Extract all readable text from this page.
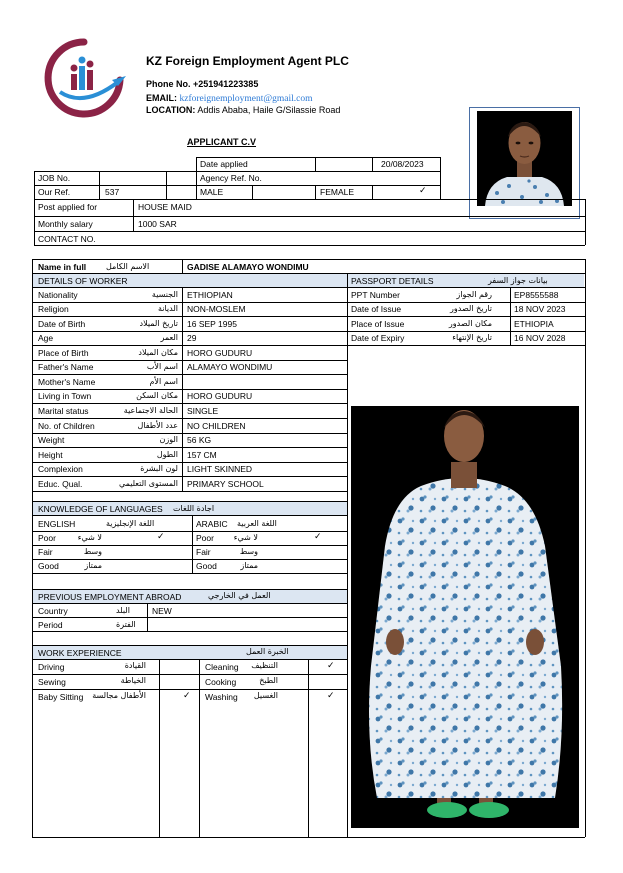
KZ Foreign Employment Agent PLC
Phone No. +251941223385
EMAIL: kzforeignemployment@gmail.com
LOCATION: Addis Ababa, Haile G/Silassie Road
APPLICANT C.V
Date applied	20/08/2023
JOB No.	Agency Ref. No.
Our Ref.	537	MALE	FEMALE	✓
Post applied for	HOUSE MAID
Monthly salary	1000 SAR
CONTACT NO.
Name in full الاسم الكامل	GADISE ALAMAYO WONDIMU
DETAILS OF WORKER	PASSPORT DETAILS	بيانات جواز السفر
Nationality	الجنسية ETHIOPIAN
Religion	الديانة NON-MOSLEM
Date of Birth	تاريخ الميلاد 16 SEP 1995
Age	العمر 29
Place of Birth	مكان الميلاد HORO GUDURU
Father's Name	اسم الأب ALAMAYO WONDIMU
Mother's Name	اسم الأم
Living in Town	مكان السكن HORO GUDURU
Marital status	الحالة الاجتماعية SINGLE
No. of Children	عدد الأطفال NO CHILDREN
Weight	الوزن 56 KG
Height	الطول 157 CM
Complexion	لون البشرة LIGHT SKINNED
Educ. Qual.	المستوى التعليمي PRIMARY SCHOOL
PPT Number	رقم الجواز	EP8555588
Date of Issue	تاريخ الصدور	18 NOV 2023
Place of Issue	مكان الصدور	ETHIOPIA
Date of Expiry	تاريخ الإنتهاء	16 NOV 2028
KNOWLEDGE OF LANGUAGES اجادة اللغات
ENGLISH	اللغة الإنجليزية	ARABIC اللغة العربية
Poor	لا شيء	✓	Poor	لا شيء	✓
Fair	وسط	Fair	وسط
Good	ممتاز	Good	ممتاز
PREVIOUS EMPLOYMENT ABROAD	العمل في الخارجي
Country	البلد	NEW
Period	الفترة
WORK EXPERIENCE	الخبرة العمل
Driving	القيادة	Cleaning	التنظيف	✓
Sewing	الخياطة	Cooking	الطبخ
Baby Sitting	الأطفال مجالسة	✓ Washing	الغسيل	✓
